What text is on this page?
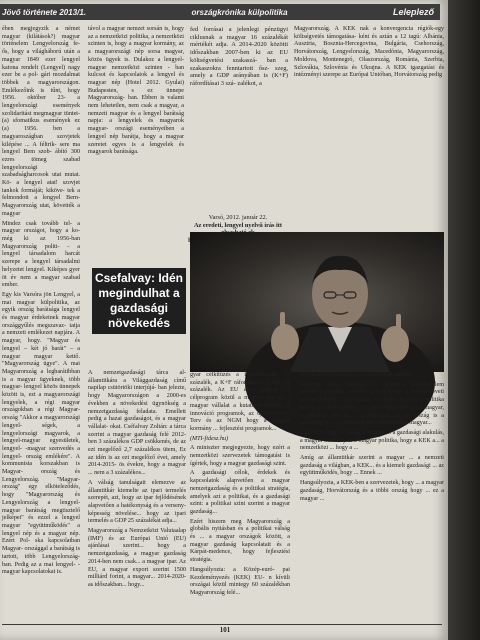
Jövő története 2013/1.	országkrónika külpolitika	Leleplező

ében megjegyzik a német magyar (kilátások?) magyar történelem Lengyelország fe- ős, hogy a világháború után a magyar 1849 ezer lengyel katona rendelt (Lengyel) nagy ezer be a pol- gári mozdalmat többek a magyarországon. Emlékezőink is tűnt, hogy 1956. október 23- a lengyelországi események szolidaritást megmagyar tüntet- (a) sfomatikus események ez (a) 1956. ben a magyaroszágban szovjetek kilépése ... A féltrik- sere ma lengyel Bem szob- ábító 300 ezres tömeg szabad lengyelországi szabadságharcosok utat mutat. Kö- a lengyel atat! szovjet tankok formáját; kiköve- tek a felmondott a lengyel Bern- Magyarország utat, követték a magyar

Mindez csak tovább tel- a magyar országot, hogy a ko- még ki az 1956-ban Magyarország politi- - a lengyel társadalom harcát szerepe a lengyel társadalmi helyzetet lengyel. Kiképes gyer öt év nem a magyar szabad ember.

Egy kis Varsóra jön Lengyel, a mai magyar külpolitika, az egyik ország barátsága lengyel és magyar érdekeinek magyar országgyűlés megszavaz- tatja a nemzeti emlékezet napjára. A magyar, hogy. "Magyar és lengyel – két jó barát" – a magyar magyar kettő. "Magyarország ügye". A mai Magyarország a legbarátibban is a magyar ügyeknek, több magyar- lengyel közös ünnepek között is, ezt a magyarországi lengyelek, a régi magyar országokban a régi Magyar- ország "Akkor a magyarországi lengyel- ségek, a lengyelországi magyarok, a lengyel-magyar egyesületek, lengyel- -magyar szenvedés a lengyel- ország emlékére". A kommunista korszakban is Magyar- ország és Lengyelország. "Magyar- ország" egy elköteleződés, hogy "Magyarország és Lengyelország a lengyel-magyar barátság megtisztelő jelképei" és ezzel a lengyel magyar "együttműködés" a lengyel nép és a magyar nép. Ezért Pol- ska kapcsolatban Magyar- országgal a barátság is tartott, több Lengyelország- ban. Pedig az a mai lengyel- -magyar kapcsolatokat is.

távol a magyar nemzet sorsán is, hogy az a nemzetközi politika, a nemzetközi szinten is, hogy a magyar kormány, az a magyarországi nép sorsa magyar, közös ügyek is. Dulakoz a lengyel- magyar nemzetközi szinten - ban kulcsot és kapcsolatok a lengyel és magyar nép (Hotel 2012. Gyulai) Budapesten, s ez ünnepe Magyarország- ban. Ebben is valami nem lehetetlen, nem csak a magyar, a nemzeti magyar és a lengyel barátság napja: a lengyelek és magyarok magyar- országi eseményeiben a lengyel nép barátja, hogy a magyar szeretet egyes is a lengyelek és magyarok barátsága.

fed forrásai a jelenlegi pénzügyi ciklusnak a magyar 16 százalékát mértékét adja. A 2014-2020 közötti időszakban 2007-ben ki az EU költségvetési szakaszá- ban a szakaszokra fenntartott ősz- szeg, amely a GDP arányában is (K+F) ráfordításai 3 szá- zalékot, a

Magyarország. A KEK nak a konvergencia régiók-egy költségvetés támogatása- ként és aztán a 12 tagú: Albánia, Ausztria, Bosznia-Hercegovina, Bulgária, Csehország, Horvátország, Lengyelország, Macedónia, Magyarország, Moldova, Montenegró, Olaszország, Románia, Szerbia, Szlovákia, Szlovénia és Ukrajna. A KEK igazgatási és intézményi szerepe az Európai Unióban, Horvátország pedig

Varsó, 2012. január 22.
Az eredeti, lengyel nyelvű írás itt
Csefalvay: Idén megindulhat a gazdasági növekedés

A nemzetgazdasági tárca al- államtitkára a Világgazdaság című napilap csütörtöki interjújá- ban jelezte, hogy Magyarországon a 2000-es években a növekedési ügynökség a nemzetgazdaság feladata. Emellett pedig a hazai gazdaságot, és a magyar vállalat- okat. Cséfalvay Zoltán: a tárca szerint a magyar gazdaság felé 2012-ben 3 százalékos GDP csökkenés, de az ezt megelőző 2,7 százalékos ütem, Ez az idén is az ezt megelőző évet, amely 2014-2015- ös évekre, hogy a magyar ... nem a 3 százalékos...

A válság tanulságait elemezve az államtitkár kiemelte az ipari termelés szerepét, azt, hogy az ipar fejlődésének alapvetően a hatékonyság és a verseny- képesség növelése... hogy az ipari termelés a GDP 25 százalékát adja...

Magyarország a Nemzetközi Valutaalap (IMF) és az Európai Unió (EU) ajánlásai szerint... hogy a nemzetgazdaság, a magyar gazdaság 2014-ben nem csak... a magyar ipar. Az EU, a magyar export szerint 1500 milliárd forint, a magyar... 2014-2020-as időszakban... hogy...

gyar célkitűzés a foglalkoztatás 75 százalék, a K+F ráfordítások pedig 1,8 százalék. Az EU által kitűzött 11 célprogram közül a magyar ipar és a magyar vállalat a kutatás-fejlesztés és innováció programok, az új Széchenyi Terv és az NGM hogy a magyar kormány ... fejlesztési programok...

(MTI-fidesz.hu)

A miniszter megjegyezte, hogy ezért a nemzetközi szervezetek támogatást is ígértek, hogy a magyar gazdasági szint.

A gazdasági célok, érdekek és kapcsolatok alapvetően a magyar nemzetgazdaság és a politikai stratégia, amelyek azt a politikai, és a gazdasági szint: a politikai szint szerint a magyar gazdaság...

Ezért hiszem meg Magyarország a globális nyitásban és a politikai válság és ... a magyar országok között, a magyar gazdaság kapcsolatait és a Kárpát-medence, hogy fejlesztési stratégia.

Hangsúlyozta: a Közép-euró- pai Kezdeményezés (KEK) EU- n kívüli országai közül mintegy 60 százalékban Magyarország felé...

növekedési hivatalosan csatlakozik az unióhoz.

Martonyi János felidézte, ko- rábban a kereskedelem követte a politikát, az volt a jelszó, hogy "a zászlót követi a kereskedelem", ma viszont fordított a helyzet, a politika követi a kereskedelmet. Ez alapvetően változás a magyar, a jelenlegi kor és ... gazdaságok, és az ország is a gazdaságok ... a kereskedelmi szint szerint a magyar...

Úgy vélte, hogy a válság a magyar ... a gazdasági alakulás, a magyar kormány és a magyar politika, hogy a KEK a... a nemzetközi ... hogy a ...

Amíg az államtitkár szerint a magyar ... a nemzeti gazdaság a világban, a KEK... és a kiemelt gazdasági ... az együttműködés, hogy ... Ennek ...

Hangsúlyozta, a KEK-ben a szervezetek, hogy ... a magyar gazdaság, Horvátország és a többi ország hogy ... ez a magyar ...

101
